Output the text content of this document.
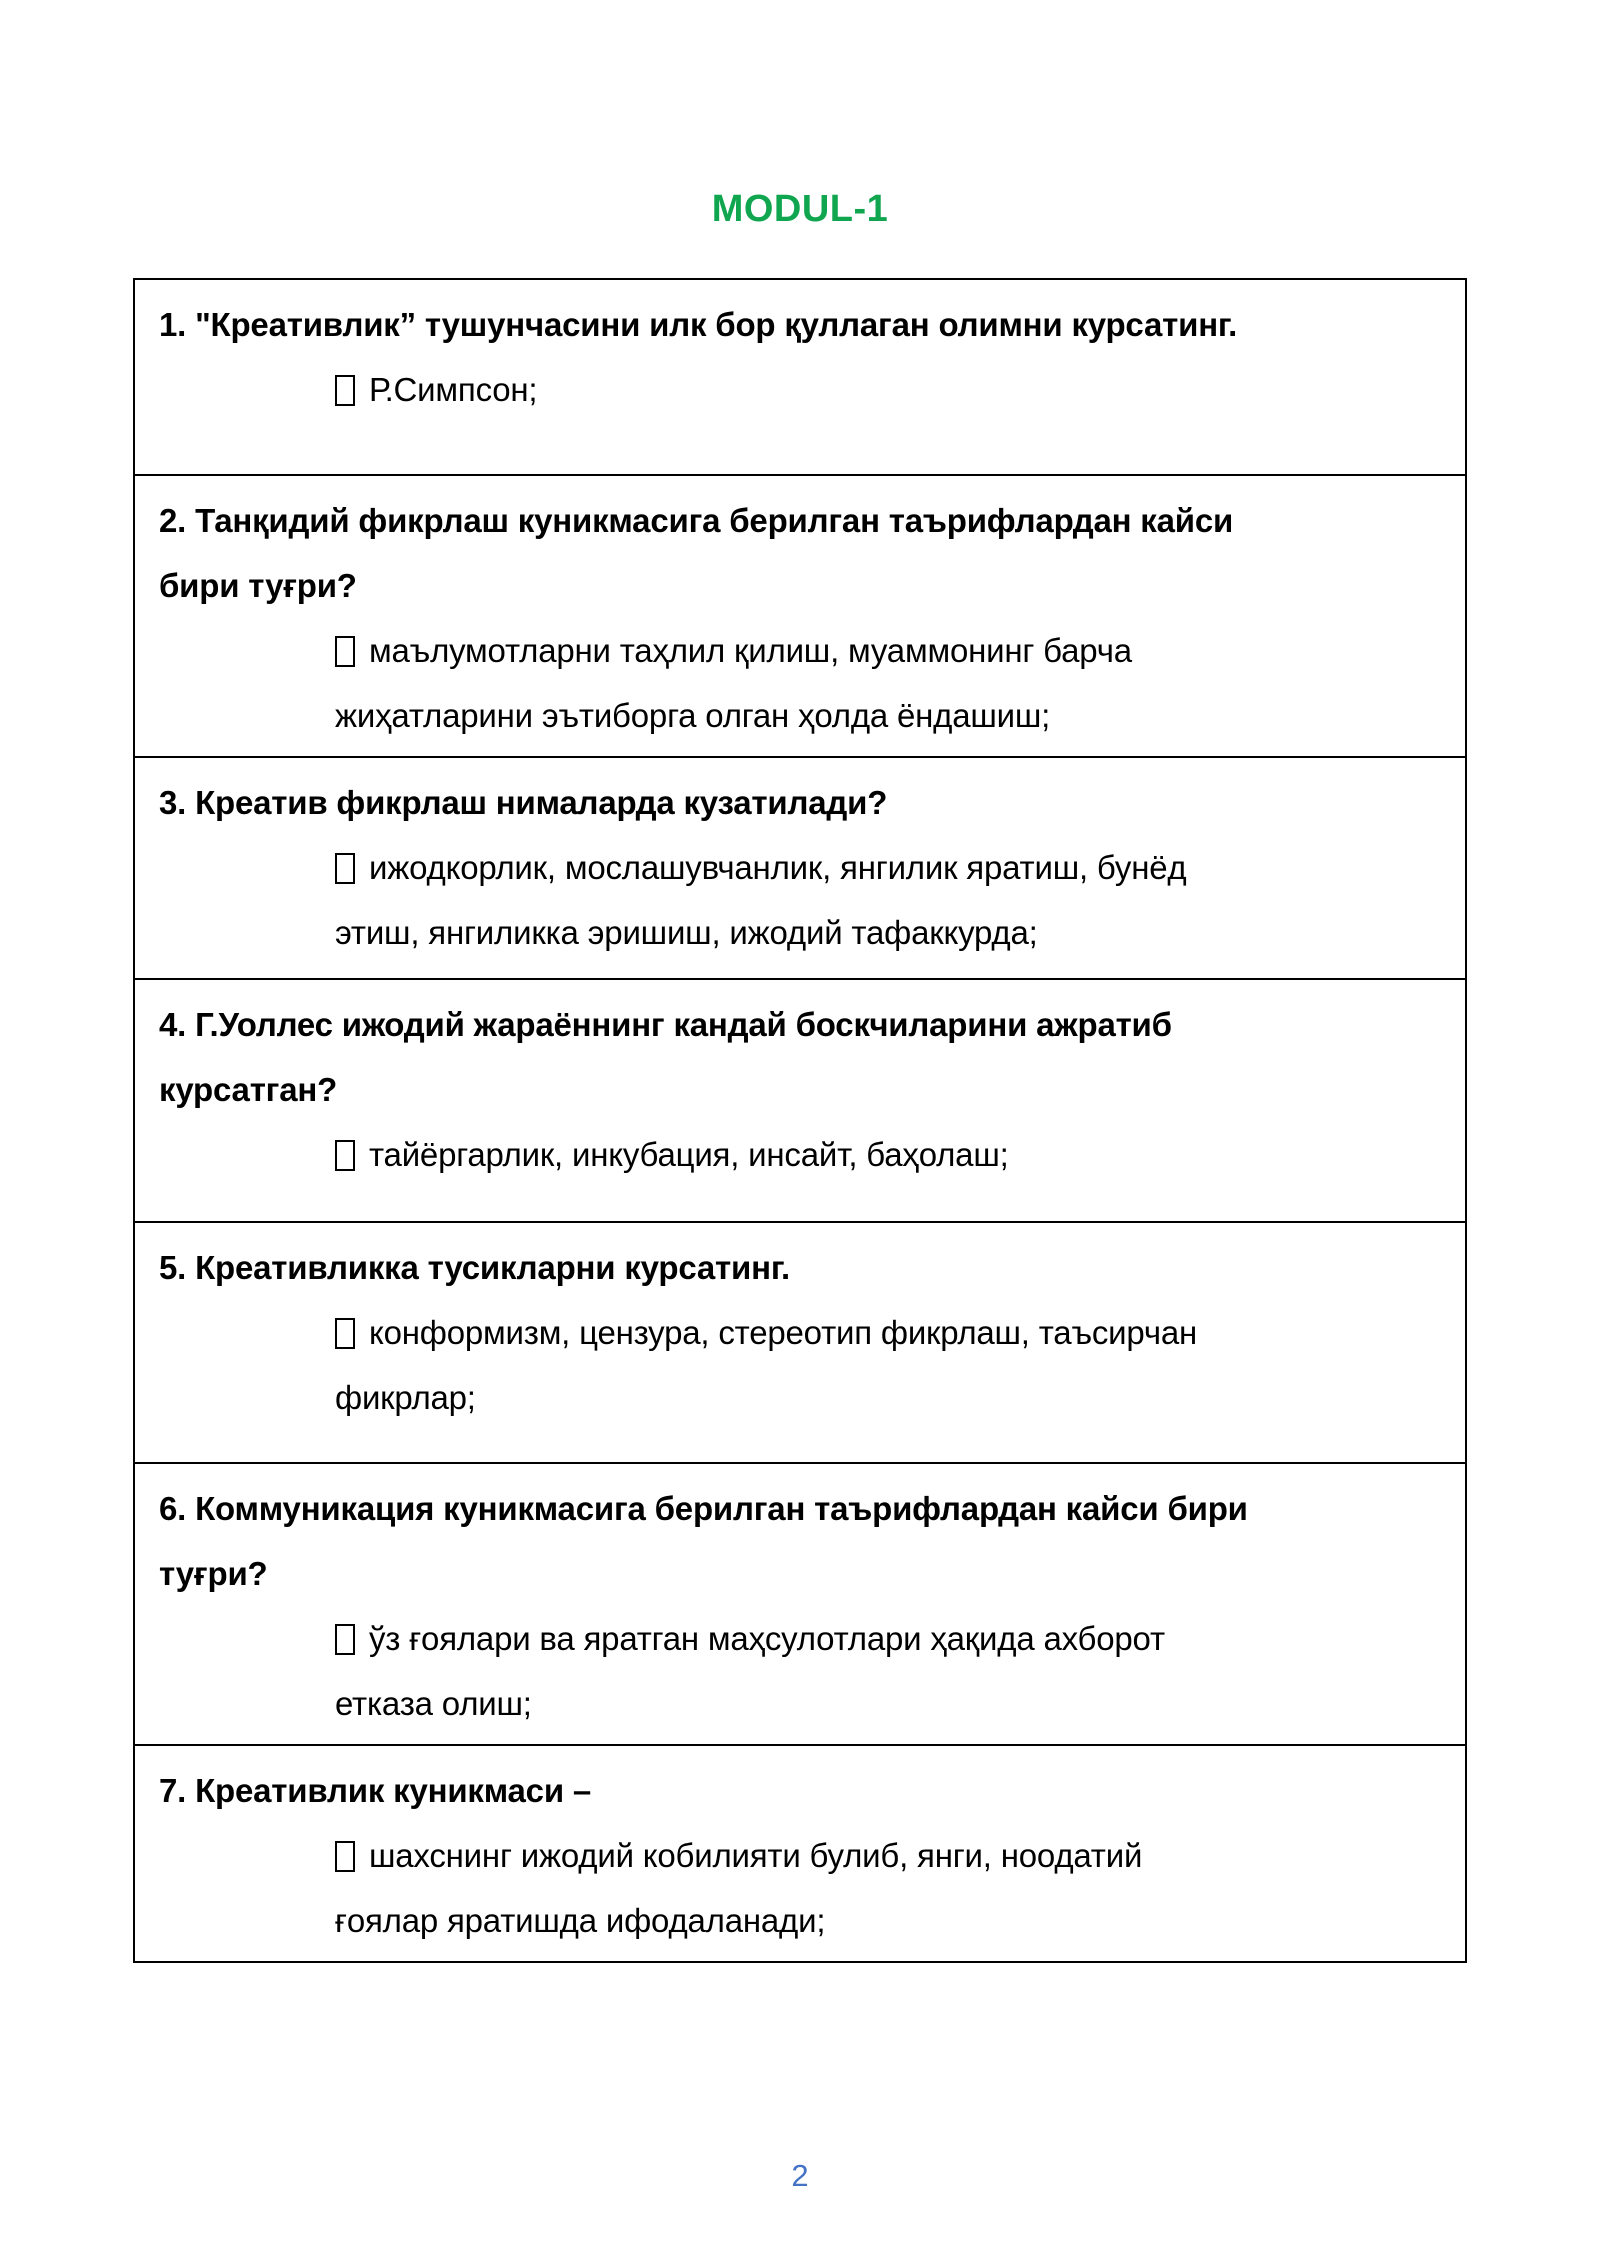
MODUL-1
1. "Креативлик” тушунчасини илк бор қуллаган олимни курсатинг.
Р.Симпсон;
2. Танқидий фикрлаш куникмасига берилган таърифлардан кайси бири туғри?
маълумотларни таҳлил қилиш, муаммонинг барча жиҳатларини эътиборга олган ҳолда ёндашиш;
3. Креатив фикрлаш нималарда кузатилади?
ижодкорлик, мослашувчанлик, янгилик яратиш, бунёд этиш, янгиликка эришиш, ижодий тафаккурда;
4. Г.Уоллес ижодий жараённинг кандай боскчиларини ажратиб курсатган?
тайёргарлик, инкубация, инсайт, баҳолаш;
5. Креативликка тусикларни курсатинг.
конформизм, цензура, стереотип фикрлаш, таъсирчан фикрлар;
6. Коммуникация куникмасига берилган таърифлардан кайси бири туғри?
ўз ғоялари ва яратган маҳсулотлари ҳақида ахборот етказа олиш;
7. Креативлик куникмаси –
шахснинг ижодий кобилияти булиб, янги, ноодатий ғоялар яратишда ифодаланади;
2
